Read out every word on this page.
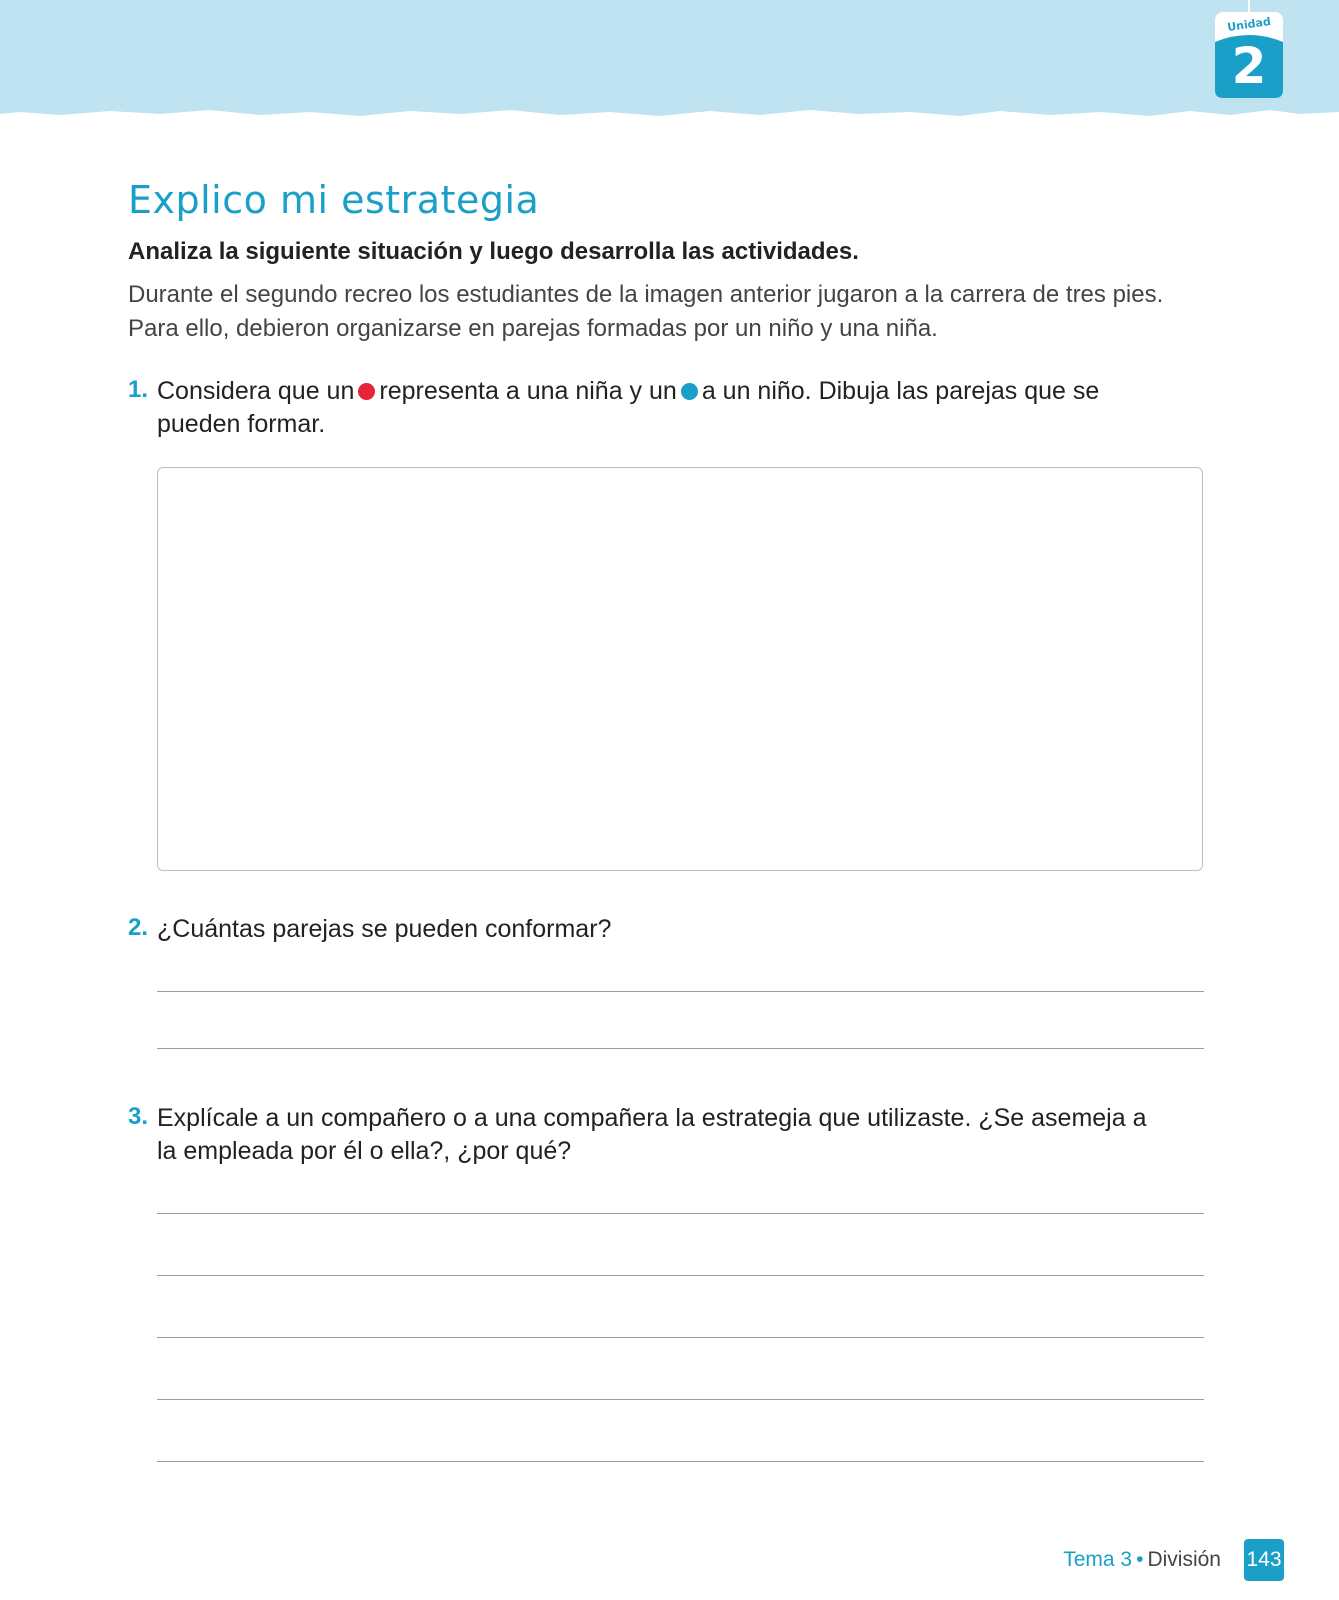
Unidad
2
Explico mi estrategia
Analiza la siguiente situación y luego desarrolla las actividades.
Durante el segundo recreo los estudiantes de la imagen anterior jugaron a la carrera de tres pies.
Para ello, debieron organizarse en parejas formadas por un niño y una niña.
1. Considera que un representa a una niña y un a un niño. Dibuja las parejas que se
pueden formar.
2. ¿Cuántas parejas se pueden conformar?
3. Explícale a un compañero o a una compañera la estrategia que utilizaste. ¿Se asemeja a
la empleada por él o ella?, ¿por qué?
Tema 3 • División 143
